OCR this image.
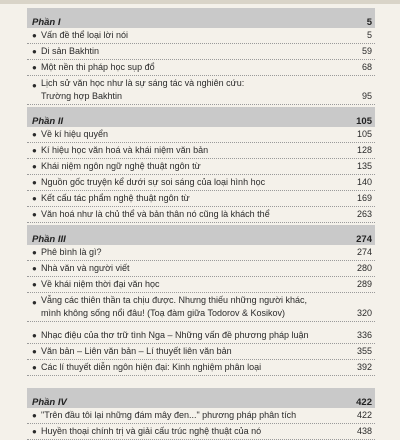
Phần I	5
● Vấn đề thể loại lời nói	5
● Di sản Bakhtin	59
● Một nền thi pháp học sụp đổ	68
● Lịch sử văn học như là sự sáng tác và nghiên cứu:
Trường hợp Bakhtin	95
Phần II	105
● Về kí hiệu quyển	105
● Kí hiệu học văn hoá và khái niệm văn bản	128
● Khái niệm ngôn ngữ nghệ thuật ngôn từ	135
● Nguồn gốc truyện kể dưới sự soi sáng của loại hình học	140
● Kết cấu tác phẩm nghệ thuật ngôn từ	169
● Văn hoá như là chủ thể và bản thân nó cũng là khách thể	263
Phần III	274
● Phê bình là gì?	274
● Nhà văn và người viết	280
● Về khái niệm thời đại văn học	289
● Vẫng các thiên thần ta chịu được. Nhưng thiếu những người khác,
mình không sống nổi đâu! (Toạ đàm giữa Todorov & Kosikov)	320
● Nhạc điệu của thơ trữ tình Nga – Những vấn đề phương pháp luận	336
● Văn bản – Liên văn bản – Lí thuyết liên văn bản	355
● Các lí thuyết diễn ngôn hiện đại: Kinh nghiệm phân loại	392
Phần IV	422
● "Trên đầu tôi lại những đám mây đen..." phương pháp phân tích	422
● Huyền thoại chính trị và giải cấu trúc nghệ thuật của nó	438
